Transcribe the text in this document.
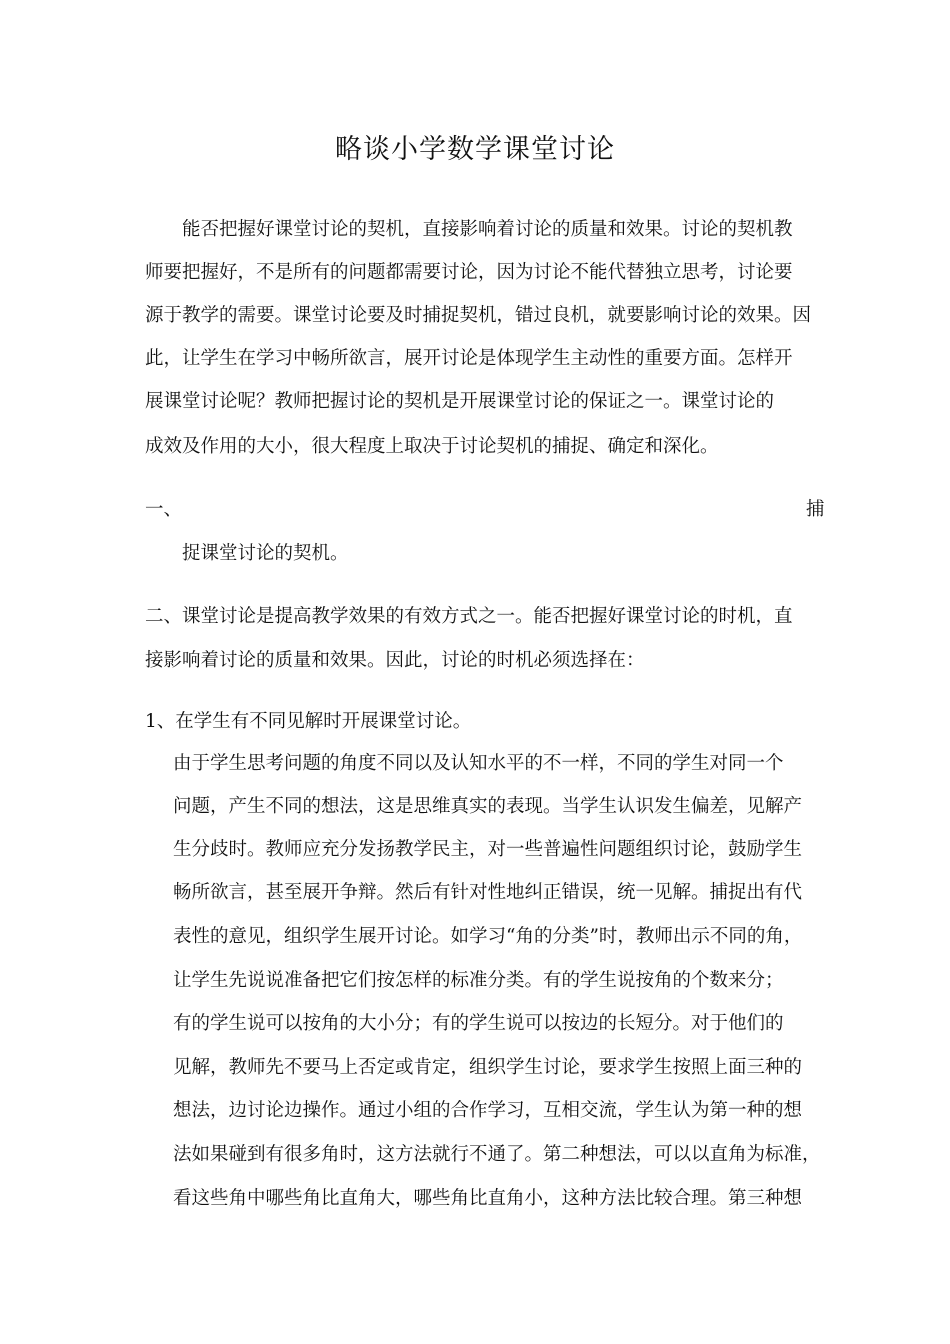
略谈小学数学课堂讨论

能否把握好课堂讨论的契机，直接影响着讨论的质量和效果。讨论的契机教

师要把握好，不是所有的问题都需要讨论，因为讨论不能代替独立思考，讨论要

源于教学的需要。课堂讨论要及时捕捉契机，错过良机，就要影响讨论的效果。因

此，让学生在学习中畅所欲言，展开讨论是体现学生主动性的重要方面。怎样开

展课堂讨论呢？教师把握讨论的契机是开展课堂讨论的保证之一。课堂讨论的

成效及作用的大小，很大程度上取决于讨论契机的捕捉、确定和深化。

一、	捕

捉课堂讨论的契机。

二、课堂讨论是提高教学效果的有效方式之一。能否把握好课堂讨论的时机，直

接影响着讨论的质量和效果。因此，讨论的时机必须选择在：

1、在学生有不同见解时开展课堂讨论。

由于学生思考问题的角度不同以及认知水平的不一样，不同的学生对同一个

问题，产生不同的想法，这是思维真实的表现。当学生认识发生偏差，见解产

生分歧时。教师应充分发扬教学民主，对一些普遍性问题组织讨论，鼓励学生

畅所欲言，甚至展开争辩。然后有针对性地纠正错误，统一见解。捕捉出有代

表性的意见，组织学生展开讨论。如学习“角的分类”时，教师出示不同的角，

让学生先说说准备把它们按怎样的标准分类。有的学生说按角的个数来分；

有的学生说可以按角的大小分；有的学生说可以按边的长短分。对于他们的

见解，教师先不要马上否定或肯定，组织学生讨论，要求学生按照上面三种的

想法，边讨论边操作。通过小组的合作学习，互相交流，学生认为第一种的想

法如果碰到有很多角时，这方法就行不通了。第二种想法，可以以直角为标准，

看这些角中哪些角比直角大，哪些角比直角小，这种方法比较合理。第三种想
